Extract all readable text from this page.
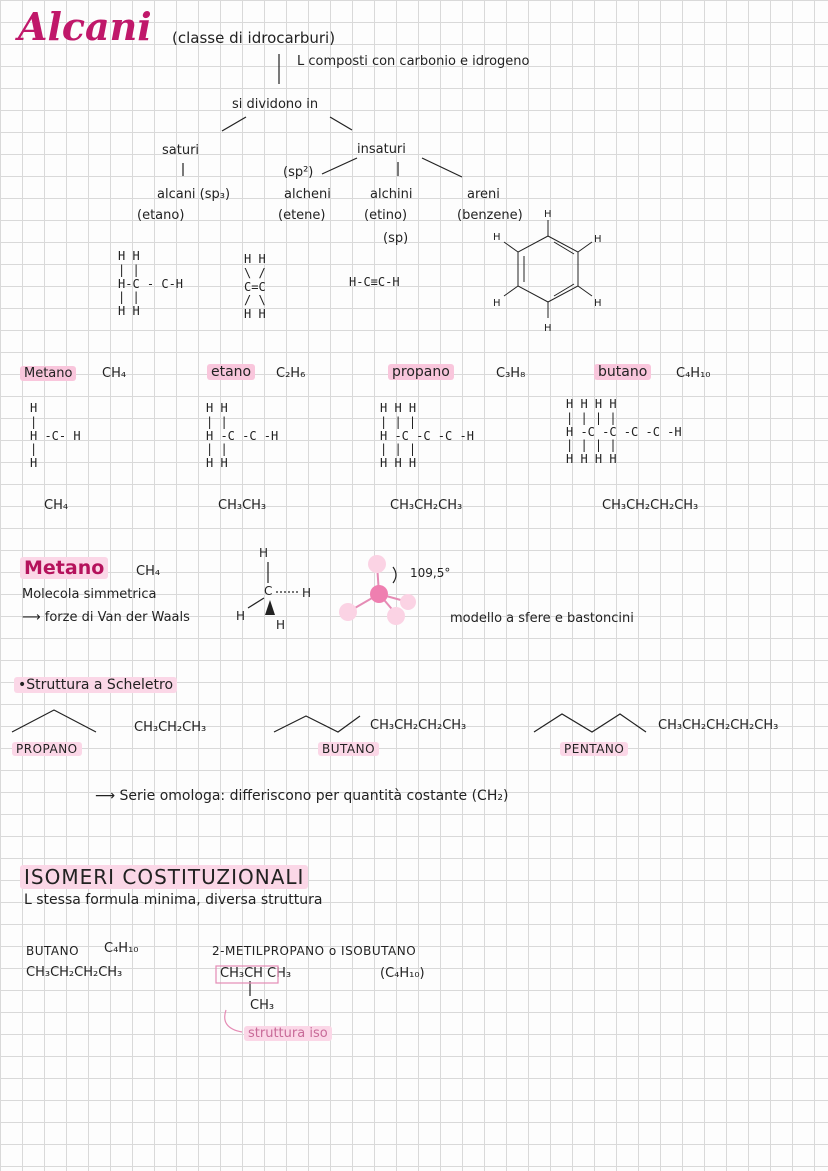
Alcani (classe di idrocarburi)
L composti con carbonio e idrogeno
si dividono in
saturi	insaturi
(sp²)
alcani (sp₃)
(etano)
alcheni
(etene)
alchini
(etino)
(sp)
areni
(benzene)
H H
| |
H-C - C-H
| |
H H
H H
\ /
C=C
/ \
H H
H-C≡C-H
H
H
H
H
H
H
Metano	CH₄	etano	C₂H₆	propano	C₃H₈	butano	C₄H₁₀
H
|
H -C- H
|
H
H H
| |
H -C -C -H
| |
H H
H H H
| | |
H -C -C -C -H
| | |
H H H
H H H H
| | | |
H -C -C -C -C -H
| | | |
H H H H
CH₄	CH₃CH₃	CH₃CH₂CH₃	CH₃CH₂CH₂CH₃
Metano	CH₄
Molecola simmetrica
⟶ forze di Van der Waals
H
C H
H
H
109,5°
modello a sfere e bastoncini
•Struttura a Scheletro
CH₃CH₂CH₃	CH₃CH₂CH₂CH₃	CH₃CH₂CH₂CH₂CH₃
PROPANO	BUTANO	PENTANO
⟶ Serie omologa: differiscono per quantità costante (CH₂)
ISOMERI COSTITUZIONALI
L stessa formula minima, diversa struttura
BUTANO C₄H₁₀
CH₃CH₂CH₂CH₃
2-METILPROPANO o ISOBUTANO
CH₃CH CH₃	(C₄H₁₀)
CH₃
struttura iso
